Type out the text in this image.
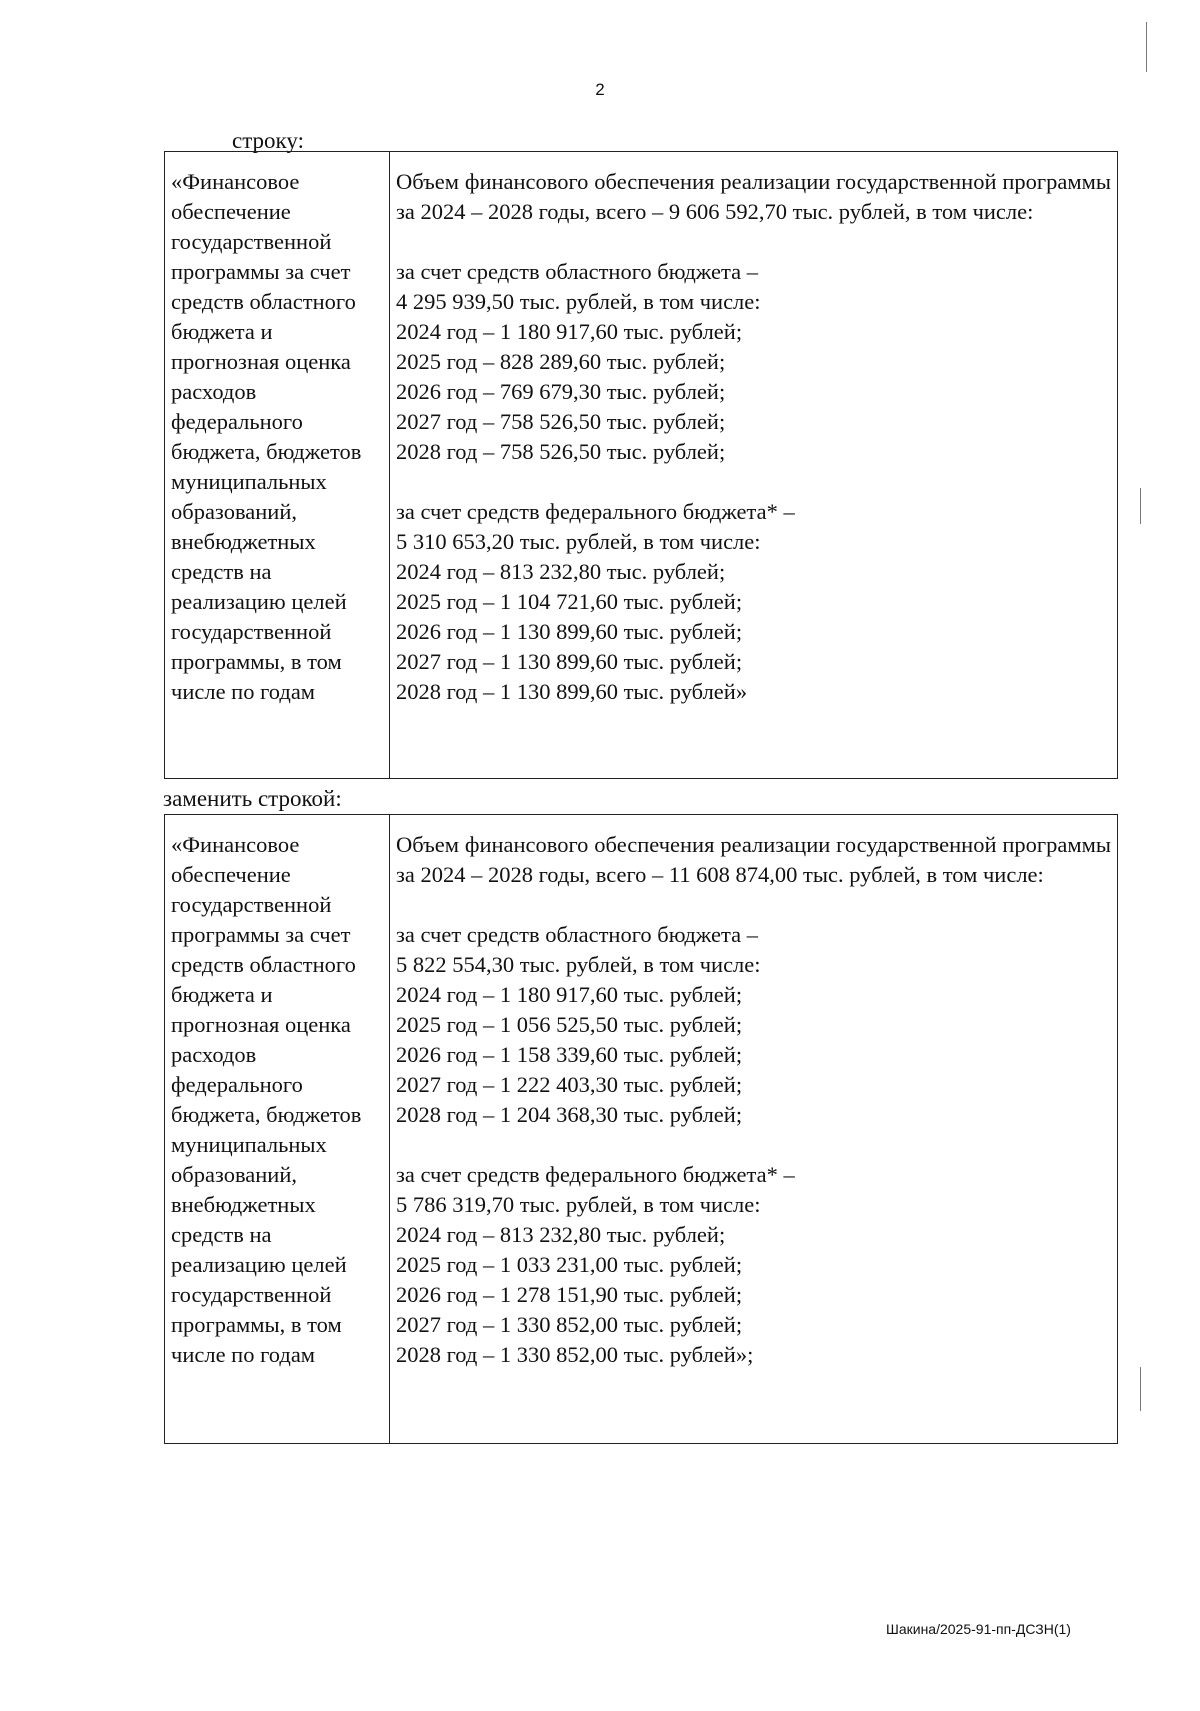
2
строку:
«Финансовое обеспечение государственной программы за счет средств областного бюджета и прогнозная оценка расходов федерального бюджета, бюджетов муниципальных образований, внебюджетных средств на реализацию целей государственной программы, в том числе по годам

Объем финансового обеспечения реализации государственной программы за 2024 – 2028 годы, всего – 9 606 592,70 тыс. рублей, в том числе:
за счет средств областного бюджета –
4 295 939,50 тыс. рублей, в том числе:
2024 год – 1 180 917,60 тыс. рублей;
2025 год – 828 289,60 тыс. рублей;
2026 год – 769 679,30 тыс. рублей;
2027 год – 758 526,50 тыс. рублей;
2028 год – 758 526,50 тыс. рублей;
за счет средств федерального бюджета* –
5 310 653,20 тыс. рублей, в том числе:
2024 год – 813 232,80 тыс. рублей;
2025 год – 1 104 721,60 тыс. рублей;
2026 год – 1 130 899,60 тыс. рублей;
2027 год – 1 130 899,60 тыс. рублей;
2028 год – 1 130 899,60 тыс. рублей»
заменить строкой:
«Финансовое обеспечение государственной программы за счет средств областного бюджета и прогнозная оценка расходов федерального бюджета, бюджетов муниципальных образований, внебюджетных средств на реализацию целей государственной программы, в том числе по годам

Объем финансового обеспечения реализации государственной программы за 2024 – 2028 годы, всего – 11 608 874,00 тыс. рублей, в том числе:
за счет средств областного бюджета –
5 822 554,30 тыс. рублей, в том числе:
2024 год – 1 180 917,60 тыс. рублей;
2025 год – 1 056 525,50 тыс. рублей;
2026 год – 1 158 339,60 тыс. рублей;
2027 год – 1 222 403,30 тыс. рублей;
2028 год – 1 204 368,30 тыс. рублей;
за счет средств федерального бюджета* –
5 786 319,70 тыс. рублей, в том числе:
2024 год – 813 232,80 тыс. рублей;
2025 год – 1 033 231,00 тыс. рублей;
2026 год – 1 278 151,90 тыс. рублей;
2027 год – 1 330 852,00 тыс. рублей;
2028 год – 1 330 852,00 тыс. рублей»;
Шакина/2025-91-пп-ДСЗН(1)
